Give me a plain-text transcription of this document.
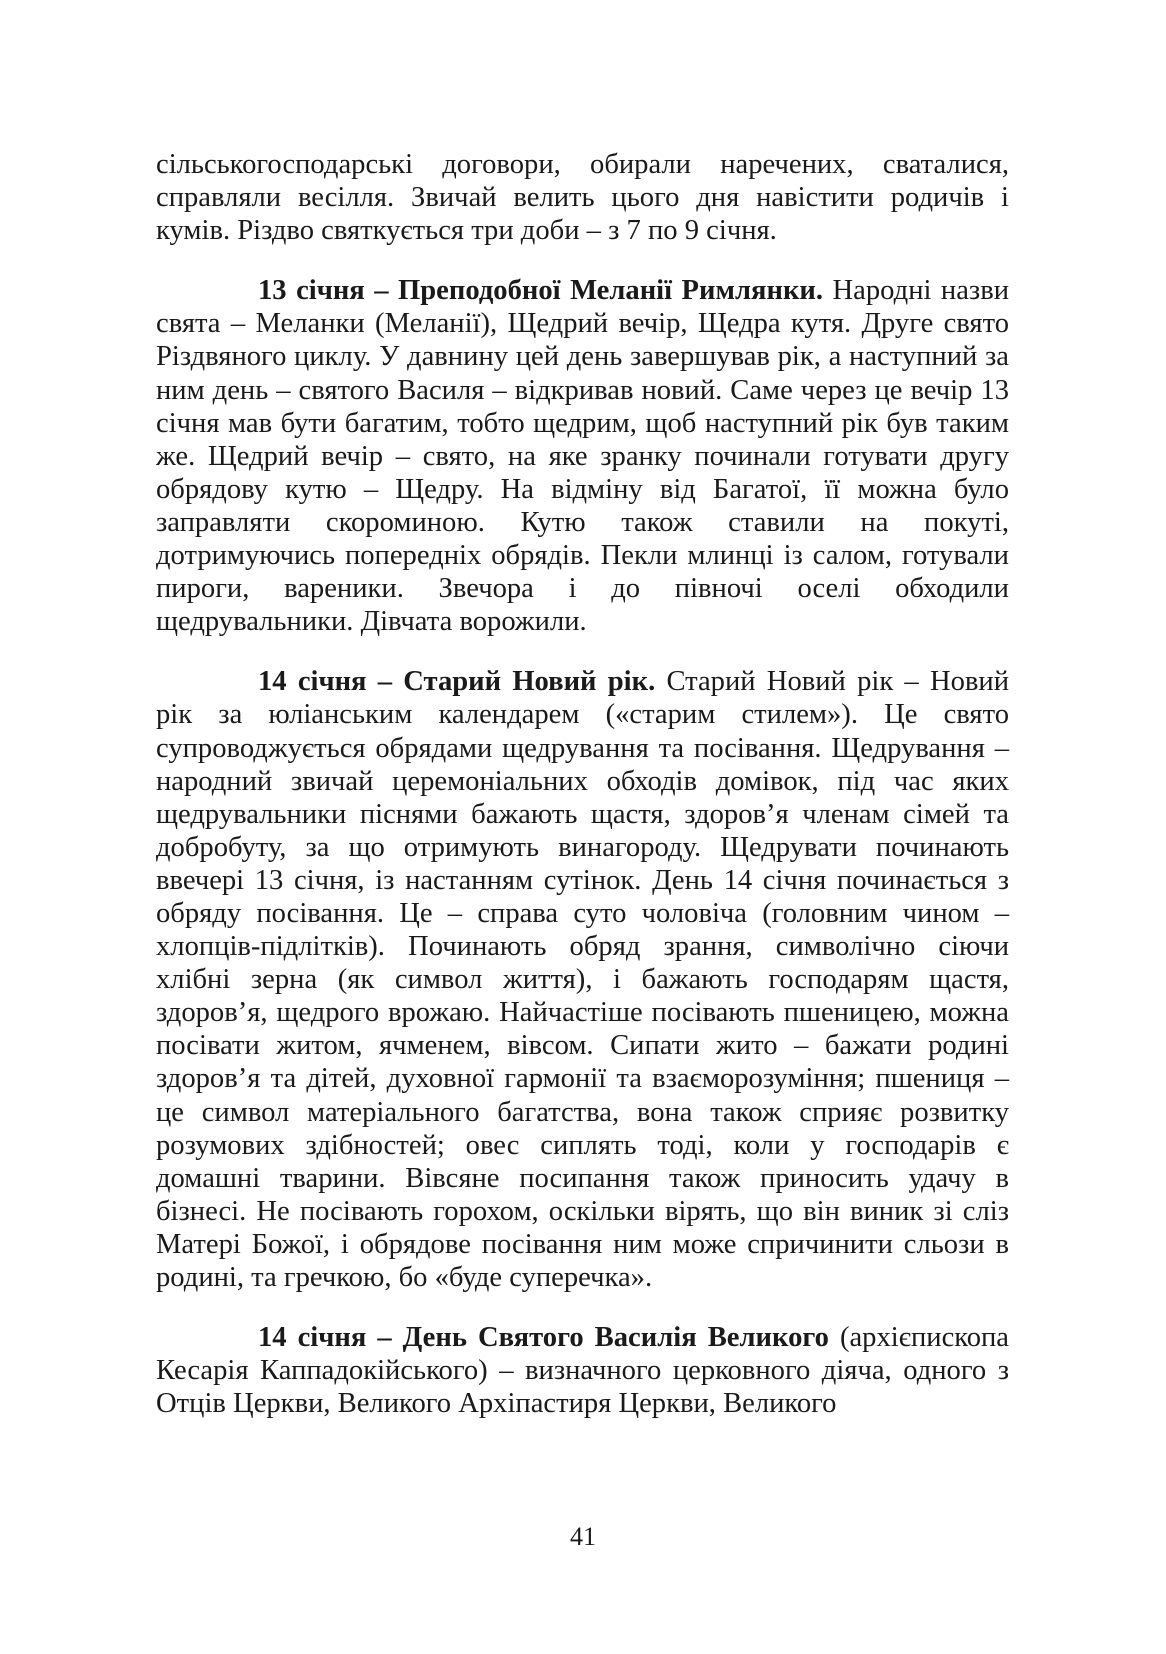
сільськогосподарські договори, обирали наречених, сваталися, справляли весілля. Звичай велить цього дня навістити родичів і кумів. Різдво святкується три доби – з 7 по 9 січня.

13 січня – Преподобної Меланії Римлянки. Народні назви свята – Меланки (Меланії), Щедрий вечір, Щедра кутя. Друге свято Різдвяного циклу. У давнину цей день завершував рік, а наступний за ним день – святого Василя – відкривав новий. Саме через це вечір 13 січня мав бути багатим, тобто щедрим, щоб наступний рік був таким же. Щедрий вечір – свято, на яке зранку починали готувати другу обрядову кутю – Щедру. На відміну від Багатої, її можна було заправляти скороминою. Кутю також ставили на покуті, дотримуючись попередніх обрядів. Пекли млинці із салом, готували пироги, вареники. Звечора і до півночі оселі обходили щедрувальники. Дівчата ворожили.

14 січня – Старий Новий рік. Старий Новий рік – Новий рік за юліанським календарем («старим стилем»). Це свято супроводжується обрядами щедрування та посівання. Щедрування – народний звичай церемоніальних обходів домівок, під час яких щедрувальники піснями бажають щастя, здоров’я членам сімей та добробуту, за що отримують винагороду. Щедрувати починають ввечері 13 січня, із настанням сутінок. День 14 січня починається з обряду посівання. Це – справа суто чоловіча (головним чином – хлопців-підлітків). Починають обряд зрання, символічно сіючи хлібні зерна (як символ життя), і бажають господарям щастя, здоров’я, щедрого врожаю. Найчастіше посівають пшеницею, можна посівати житом, ячменем, вівсом. Сипати жито – бажати родині здоров’я та дітей, духовної гармонії та взаєморозуміння; пшениця – це символ матеріального багатства, вона також сприяє розвитку розумових здібностей; овес сиплять тоді, коли у господарів є домашні тварини. Вівсяне посипання також приносить удачу в бізнесі. Не посівають горохом, оскільки вірять, що він виник зі сліз Матері Божої, і обрядове посівання ним може спричинити сльози в родині, та гречкою, бо «буде суперечка».

14 січня – День Святого Василія Великого (архієпископа Кесарія Каппадокійського) – визначного церковного діяча, одного з Отців Церкви, Великого Архіпастиря Церкви, Великого

41
